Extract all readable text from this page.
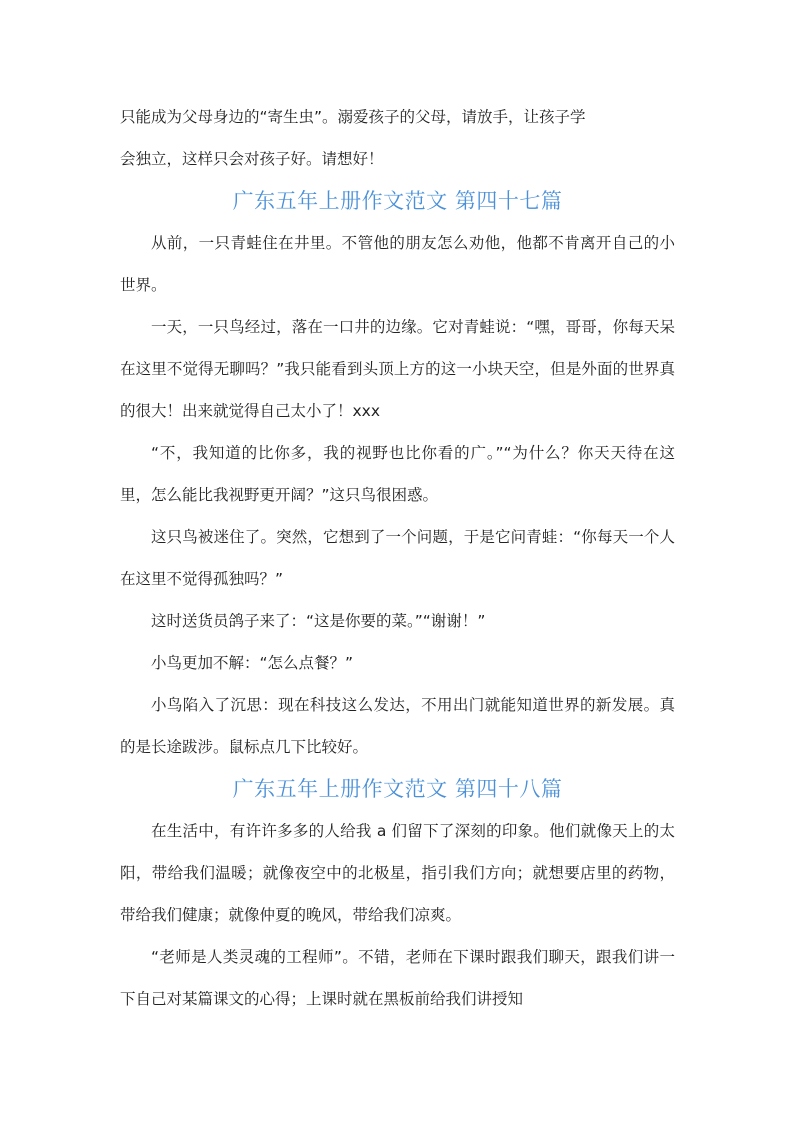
只能成为父母身边的“寄生虫”。溺爱孩子的父母，请放手，让孩子学

会独立，这样只会对孩子好。请想好！

广东五年上册作文范文 第四十七篇

从前，一只青蛙住在井里。不管他的朋友怎么劝他，他都不肯离开自己的小世界。

一天，一只鸟经过，落在一口井的边缘。它对青蛙说：“嘿，哥哥，你每天呆在这里不觉得无聊吗？”我只能看到头顶上方的这一小块天空，但是外面的世界真的很大！出来就觉得自己太小了！xxx

“不，我知道的比你多，我的视野也比你看的广。”“为什么？你天天待在这里，怎么能比我视野更开阔？”这只鸟很困惑。

这只鸟被迷住了。突然，它想到了一个问题，于是它问青蛙：“你每天一个人在这里不觉得孤独吗？”

这时送货员鸽子来了：“这是你要的菜。”“谢谢！”

小鸟更加不解：“怎么点餐？”

小鸟陷入了沉思：现在科技这么发达，不用出门就能知道世界的新发展。真的是长途跋涉。鼠标点几下比较好。

广东五年上册作文范文 第四十八篇

在生活中，有许许多多的人给我 a 们留下了深刻的印象。他们就像天上的太阳，带给我们温暖；就像夜空中的北极星，指引我们方向；就想要店里的药物，带给我们健康；就像仲夏的晚风，带给我们凉爽。

“老师是人类灵魂的工程师”。不错，老师在下课时跟我们聊天，跟我们讲一下自己对某篇课文的心得；上课时就在黑板前给我们讲授知
